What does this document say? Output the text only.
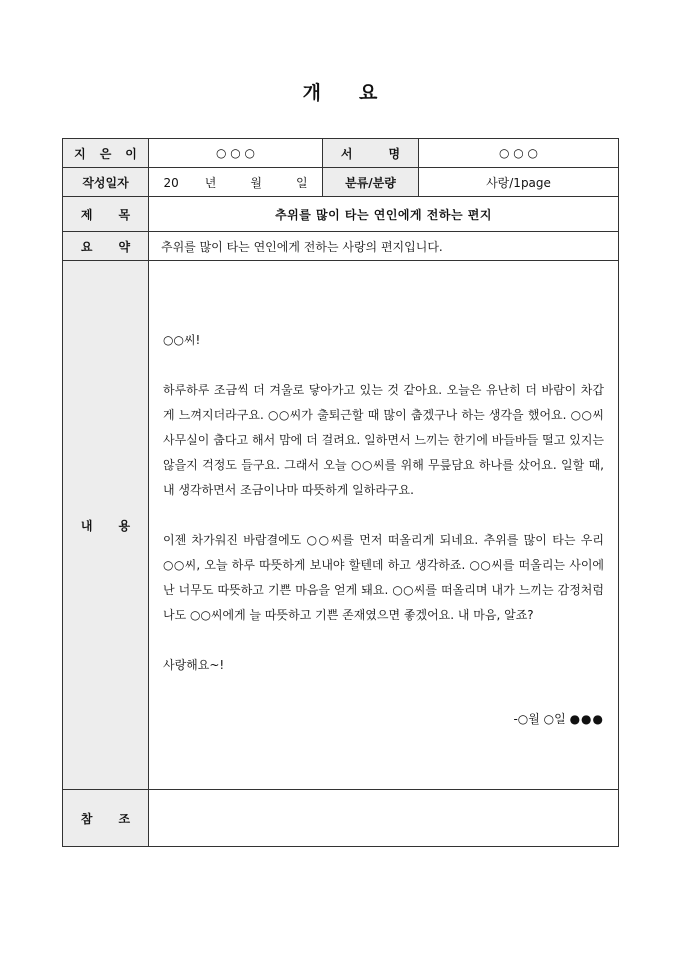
개 요
지 은 이	○ ○ ○	서 명	○ ○ ○
작성일자	20 년 월 일	분류/분량	사랑/1page
제 목	추위를 많이 타는 연인에게 전하는 편지		
요 약	추위를 많이 타는 연인에게 전하는 사랑의 편지입니다.		
내 용	○○씨!

하루하루 조금씩 더 겨울로 닿아가고 있는 것 같아요. 오늘은 유난히 더 바람이 차갑게 느껴지더라구요. ○○씨가 출퇴근할 때 많이 춥겠구나 하는 생각을 했어요. ○○씨 사무실이 춥다고 해서 맘에 더 걸려요. 일하면서 느끼는 한기에 바들바들 떨고 있지는 않을지 걱정도 들구요. 그래서 오늘 ○○씨를 위해 무릎담요 하나를 샀어요. 일할 때, 내 생각하면서 조금이나마 따뜻하게 일하라구요.

이젠 차가워진 바람결에도 ○○씨를 먼저 떠올리게 되네요. 추위를 많이 타는 우리 ○○씨, 오늘 하루 따뜻하게 보내야 할텐데 하고 생각하죠. ○○씨를 떠올리는 사이에 난 너무도 따뜻하고 기쁜 마음을 얻게 돼요. ○○씨를 떠올리며 내가 느끼는 감정처럼 나도 ○○씨에게 늘 따뜻하고 기쁜 존재였으면 좋겠어요. 내 마음, 알죠?

사랑해요~!

-○월 ○일 ●●●		

참 조			
